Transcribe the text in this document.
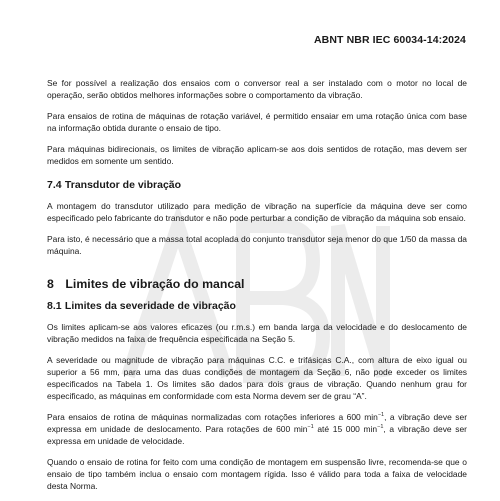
ABNT NBR IEC 60034-14:2024

Se for possível a realização dos ensaios com o conversor real a ser instalado com o motor no local de operação, serão obtidos melhores informações sobre o comportamento da vibração.

Para ensaios de rotina de máquinas de rotação variável, é permitido ensaiar em uma rotação única com base na informação obtida durante o ensaio de tipo.

Para máquinas bidirecionais, os limites de vibração aplicam-se aos dois sentidos de rotação, mas devem ser medidos em somente um sentido.

7.4 Transdutor de vibração

A montagem do transdutor utilizado para medição de vibração na superfície da máquina deve ser como especificado pelo fabricante do transdutor e não pode perturbar a condição de vibração da máquina sob ensaio.

Para isto, é necessário que a massa total acoplada do conjunto transdutor seja menor do que 1/50 da massa da máquina.

8 Limites de vibração do mancal
8.1 Limites da severidade de vibração

Os limites aplicam-se aos valores eficazes (ou r.m.s.) em banda larga da velocidade e do deslocamento de vibração medidos na faixa de frequência especificada na Seção 5.

A severidade ou magnitude de vibração para máquinas C.C. e trifásicas C.A., com altura de eixo igual ou superior a 56 mm, para uma das duas condições de montagem da Seção 6, não pode exceder os limites especificados na Tabela 1. Os limites são dados para dois graus de vibração. Quando nenhum grau for especificado, as máquinas em conformidade com esta Norma devem ser de grau “A”.

Para ensaios de rotina de máquinas normalizadas com rotações inferiores a 600 $\min^{-1}$, a vibração deve ser expressa em unidade de deslocamento. Para rotações de 600 $\min^{-1}$ até 15 000 $\min^{-1}$, a vibração deve ser expressa em unidade de velocidade.

Quando o ensaio de rotina for feito com uma condição de montagem em suspensão livre, recomenda-se que o ensaio de tipo também inclua o ensaio com montagem rígida. Isso é válido para toda a faixa de velocidade desta Norma.
